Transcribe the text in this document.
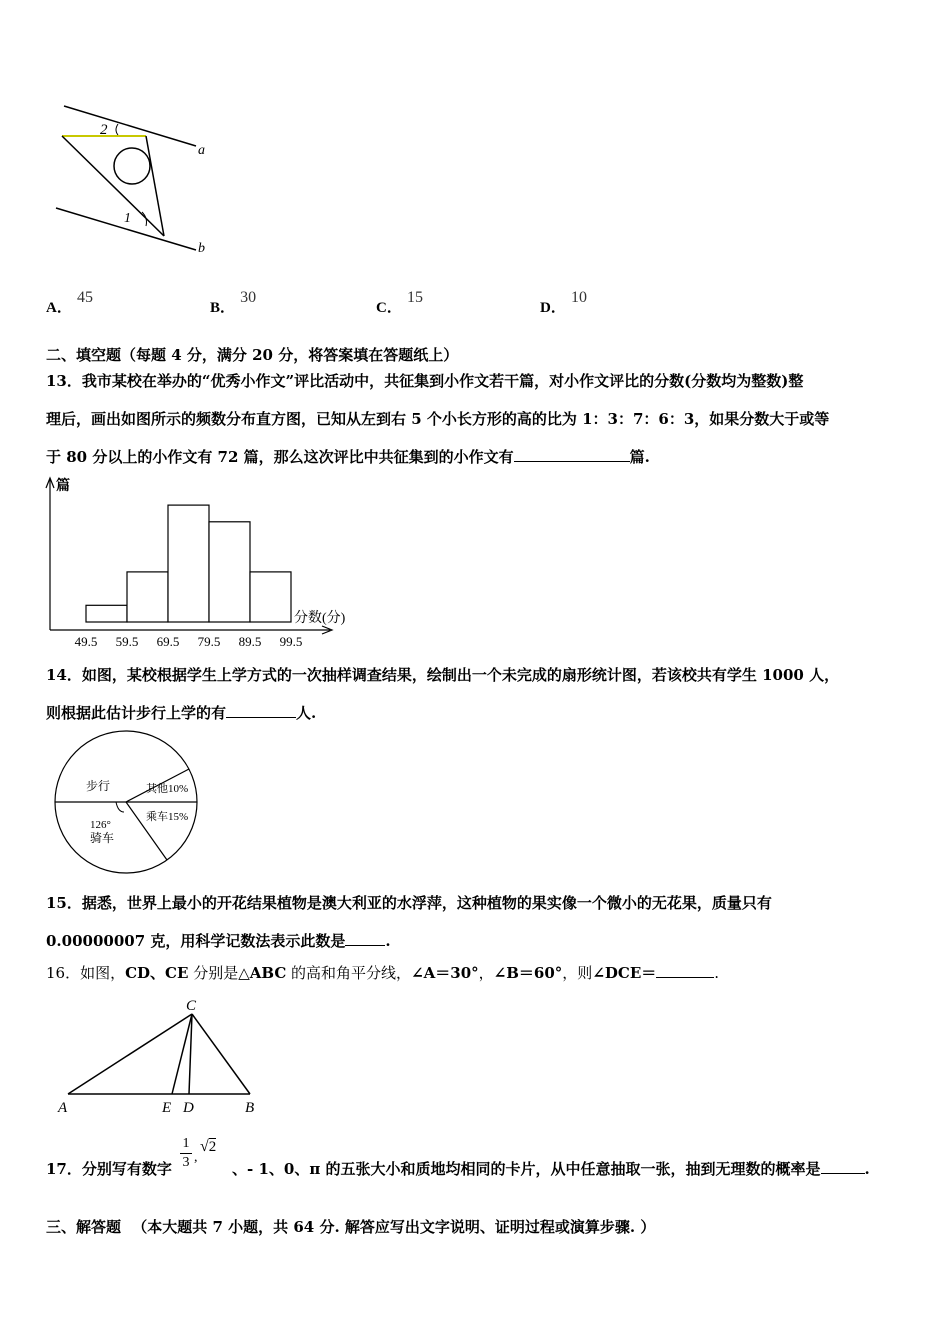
2
1
a
b
A． 45
B． 30
C． 15
D． 10
二、填空题（每题 4 分，满分 20 分，将答案填在答题纸上）
13．我市某校在举办的“优秀小作文”评比活动中，共征集到小作文若干篇，对小作文评比的分数(分数均为整数)整
理后，画出如图所示的频数分布直方图，已知从左到右 5 个小长方形的高的比为 1：3：7：6：3，如果分数大于或等
于 80 分以上的小作文有 72 篇，那么这次评比中共征集到的小作文有	篇.
篇
分数(分)
49.5 59.5 69.5 79.5 89.5 99.5
14．如图，某校根据学生上学方式的一次抽样调查结果，绘制出一个未完成的扇形统计图，若该校共有学生 1000 人，
则根据此估计步行上学的有	人.
步行	其他10%
乘车15%
126°
骑车
15．据悉，世界上最小的开花结果植物是澳大利亚的水浮萍，这种植物的果实像一个微小的无花果，质量只有
0.00000007 克，用科学记数法表示此数是	.
16．如图，CD、CE 分别是△ABC 的高和角平分线，∠A＝30°，∠B＝60°，则∠DCE＝	.
C
A	E D	B
17．分别写有数字
1
3 ,
√2
、- 1、0、π 的五张大小和质地均相同的卡片，从中任意抽取一张，抽到无理数的概率是	.
三、解答题 （本大题共 7 小题，共 64 分. 解答应写出文字说明、证明过程或演算步骤. ）
